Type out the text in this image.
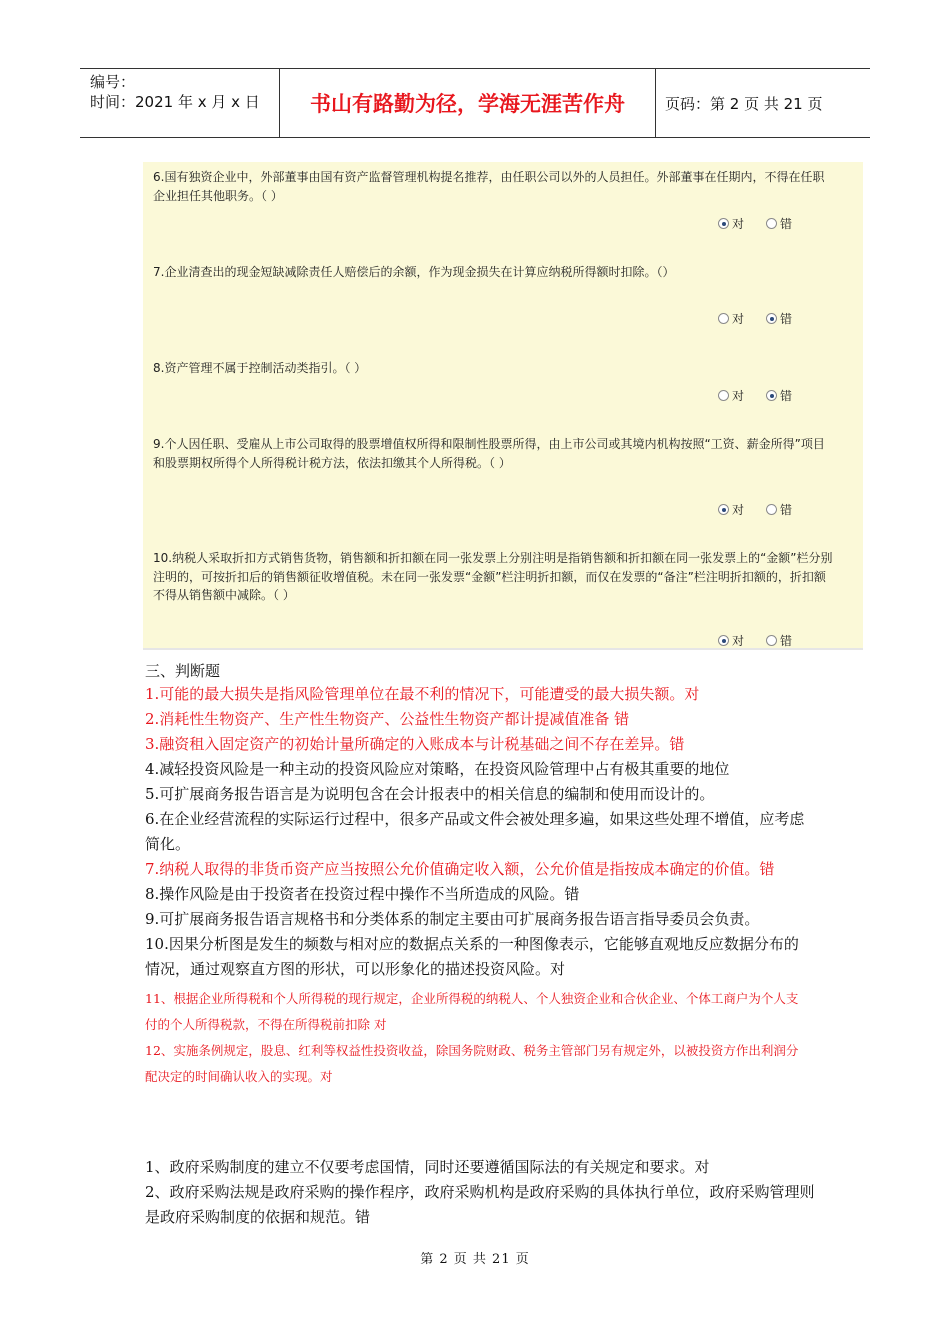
编号：
时间：2021 年 x 月 x 日	书山有路勤为径，学海无涯苦作舟	页码：第 2 页 共 21 页
6.国有独资企业中，外部董事由国有资产监督管理机构提名推荐，由任职公司以外的人员担任。外部董事在任期内，不得在任职企业担任其他职务。（ ）
对	错
7.企业清查出的现金短缺减除责任人赔偿后的余额，作为现金损失在计算应纳税所得额时扣除。（）
对	错
8.资产管理不属于控制活动类指引。（ ）
对	错
9.个人因任职、受雇从上市公司取得的股票增值权所得和限制性股票所得，由上市公司或其境内机构按照“工资、薪金所得”项目和股票期权所得个人所得税计税方法，依法扣缴其个人所得税。（ ）
对	错
10.纳税人采取折扣方式销售货物，销售额和折扣额在同一张发票上分别注明是指销售额和折扣额在同一张发票上的“金额”栏分别注明的，可按折扣后的销售额征收增值税。未在同一张发票“金额”栏注明折扣额，而仅在发票的“备注”栏注明折扣额的，折扣额不得从销售额中减除。（ ）
对	错
三、判断题

1.可能的最大损失是指风险管理单位在最不利的情况下，可能遭受的最大损失额。对

2.消耗性生物资产、生产性生物资产、公益性生物资产都计提减值准备 错

3.融资租入固定资产的初始计量所确定的入账成本与计税基础之间不存在差异。错

4.减轻投资风险是一种主动的投资风险应对策略，在投资风险管理中占有极其重要的地位

5.可扩展商务报告语言是为说明包含在会计报表中的相关信息的编制和使用而设计的。

6.在企业经营流程的实际运行过程中，很多产品或文件会被处理多遍，如果这些处理不增值，应考虑简化。

7.纳税人取得的非货币资产应当按照公允价值确定收入额，公允价值是指按成本确定的价值。错

8.操作风险是由于投资者在投资过程中操作不当所造成的风险。错

9.可扩展商务报告语言规格书和分类体系的制定主要由可扩展商务报告语言指导委员会负责。

10.因果分析图是发生的频数与相对应的数据点关系的一种图像表示，它能够直观地反应数据分布的情况，通过观察直方图的形状，可以形象化的描述投资风险。对

11、根据企业所得税和个人所得税的现行规定，企业所得税的纳税人、个人独资企业和合伙企业、个体工商户为个人支付的个人所得税款，不得在所得税前扣除 对

12、实施条例规定，股息、红利等权益性投资收益，除国务院财政、税务主管部门另有规定外，以被投资方作出利润分配决定的时间确认收入的实现。对

1、政府采购制度的建立不仅要考虑国情，同时还要遵循国际法的有关规定和要求。对

2、政府采购法规是政府采购的操作程序，政府采购机构是政府采购的具体执行单位，政府采购管理则是政府采购制度的依据和规范。错

第 2 页 共 21 页
